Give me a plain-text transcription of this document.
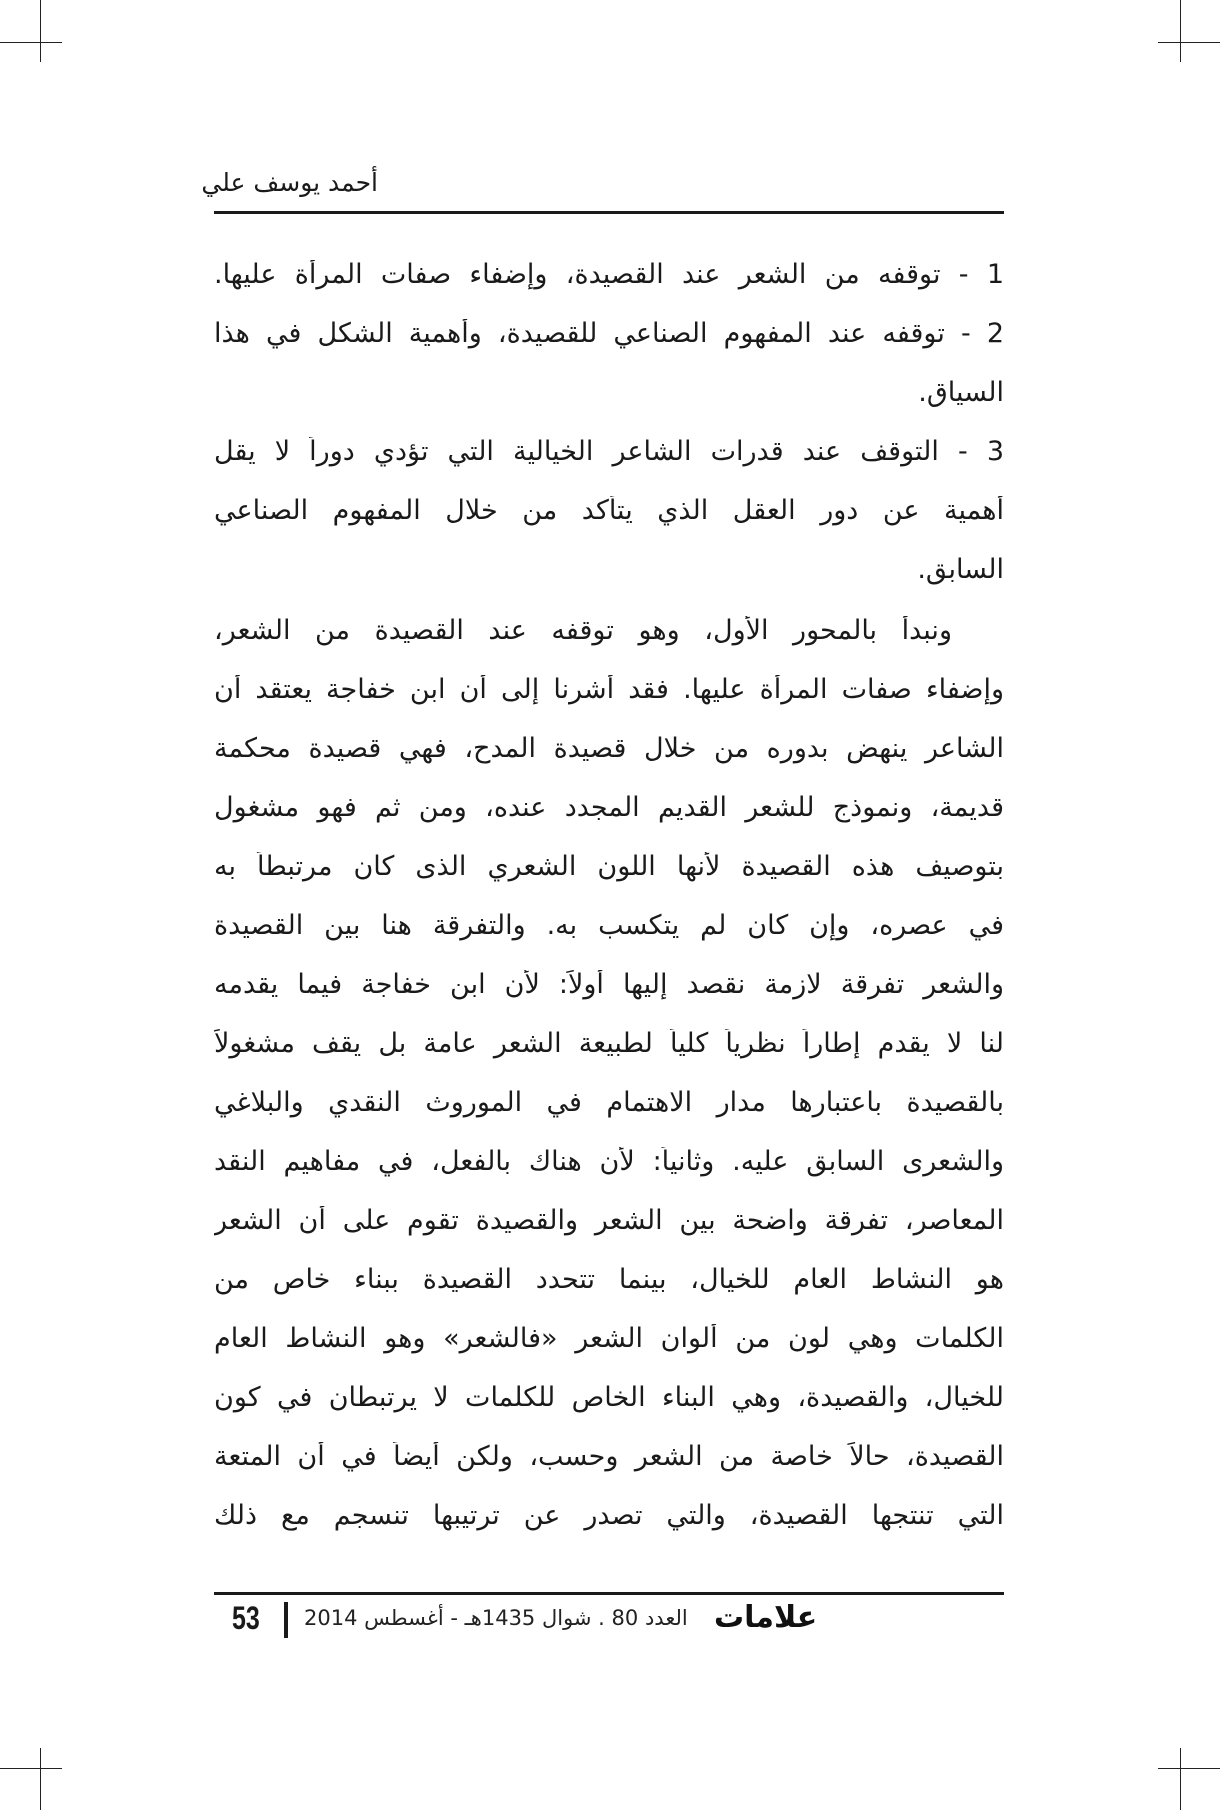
أحمد يوسف علي
1 - توقفه من الشعر عند القصيدة، وإضفاء صفات المرأة عليها.
2 - توقفه عند المفهوم الصناعي للقصيدة، وأهمية الشكل في هذا
السياق.
3 - التوقف عند قدرات الشاعر الخيالية التي تؤدي دوراً لا يقل
أهمية عن دور العقل الذي يتأكد من خلال المفهوم الصناعي
السابق.
ونبدأ بالمحور الأول، وهو توقفه عند القصيدة من الشعر،
وإضفاء صفات المرأة عليها. فقد أشرنا إلى أن ابن خفاجة يعتقد أن
الشاعر ينهض بدوره من خلال قصيدة المدح، فهي قصيدة محكمة
قديمة، ونموذج للشعر القديم المجدد عنده، ومن ثم فهو مشغول
بتوصيف هذه القصيدة لأنها اللون الشعري الذى كان مرتبطاً به
في عصره، وإن كان لم يتكسب به. والتفرقة هنا بين القصيدة
والشعر تفرقة لازمة نقصد إليها أولاً: لأن ابن خفاجة فيما يقدمه
لنا لا يقدم إطاراً نظرياً كلياً لطبيعة الشعر عامة بل يقف مشغولاً
بالقصيدة باعتبارها مدار الاهتمام في الموروث النقدي والبلاغي
والشعرى السابق عليه. وثانياً: لأن هناك بالفعل، في مفاهيم النقد
المعاصر، تفرقة واضحة بين الشعر والقصيدة تقوم على أن الشعر
هو النشاط العام للخيال، بينما تتحدد القصيدة ببناء خاص من
الكلمات وهي لون من ألوان الشعر «فالشعر» وهو النشاط العام
للخيال، والقصيدة، وهي البناء الخاص للكلمات لا يرتبطان في كون
القصيدة، حالاً خاصة من الشعر وحسب، ولكن أيضاً في أن المتعة
التي تنتجها القصيدة، والتي تصدر عن ترتيبها تنسجم مع ذلك
53 العدد 80 . شوال 1435هـ - أغسطس 2014 علامات
